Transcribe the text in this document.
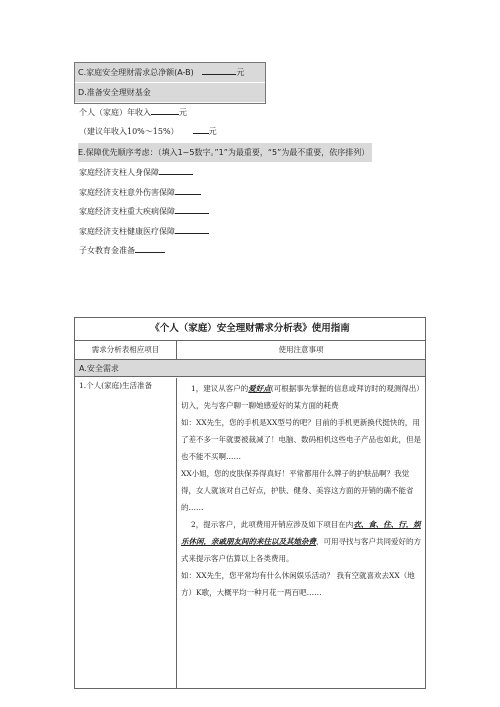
C.家庭安全理财需求总净额(A-B)	元
D.准备安全理财基金
个人（家庭）年收入	元
（建议年收入10%～15%）	元
E.保障优先顺序考虑：（填入1~5数字。”1”为最重要，“5”为最不重要，依序排列）
家庭经济支柱人身保障
家庭经济支柱意外伤害保障
家庭经济支柱重大疾病保障
家庭经济支柱健康医疗保障
子女教育金准备
《个人（家庭）安全理财需求分析表》使用指南
需求分析表相应项目	使用注意事项
A.安全需求
1.个人(家庭)生活准备	1，建议从客户的爱好点(可根据事先掌握的信息或拜访时的观测得出）切入，先与客户聊一聊她感爱好的某方面的耗费

如：XX先生，您的手机是XX型号的吧？目前的手机更新换代挺快的，用了差不多一年就要被裁减了！电脑、数码相机这些电子产品也如此，但是也不能不买啊……

XX小姐，您的皮肤保养得真好！平常都用什么牌子的护肤品啊？我觉得，女人就该对自己好点，护肤、健身、美容这方面的开销的确不能省的……

2，提示客户，此项费用开销应涉及如下项目在内衣、食、住、行，娱乐休闲，亲戚朋友间的来往以及其她杂费，可用寻找与客户共同爱好的方式来提示客户估算以上各类费用。

如：XX先生，您平常均有什么休闲娱乐活动？ 我有空就喜欢去XX（地方）K歌，大概平均一种月花一两百吧……
